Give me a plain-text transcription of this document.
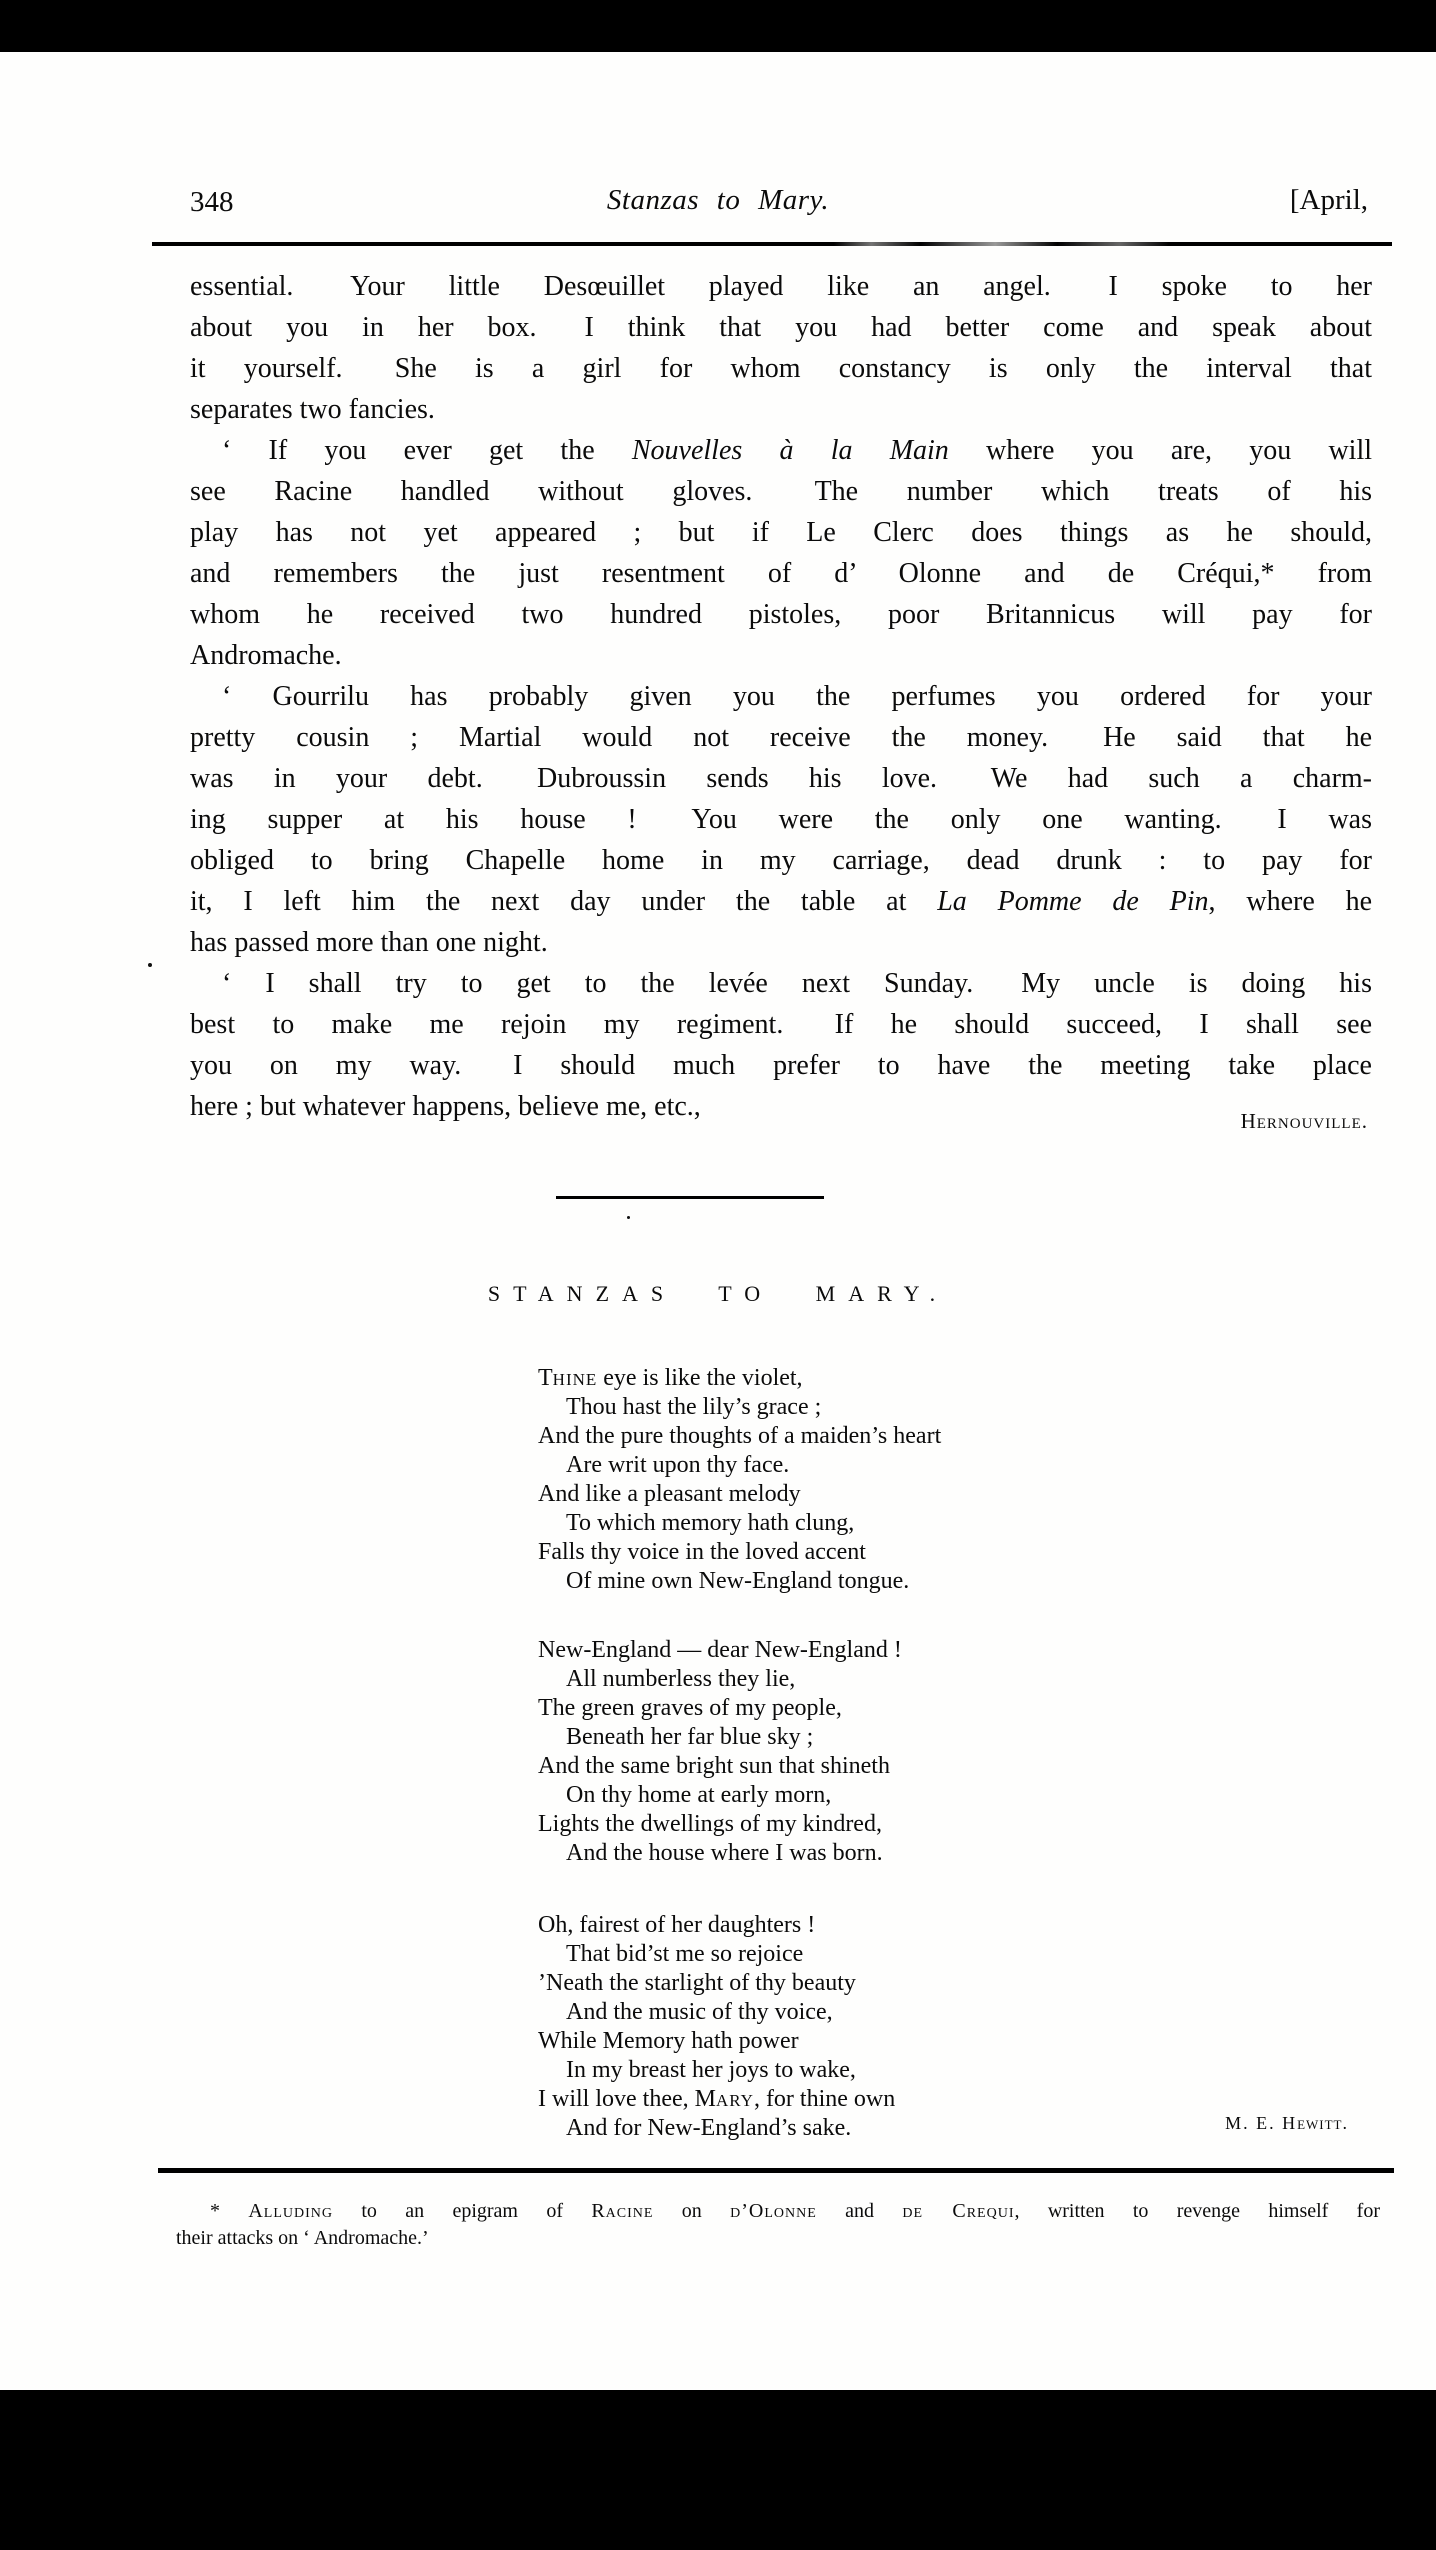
348	Stanzas to Mary.	[April,
essential.  Your little Desœuillet played like an angel.  I spoke to her
about you in her box.  I think that you had better come and speak about
it yourself.  She is a girl for whom constancy is only the interval that
separates two fancies.
‘ If you ever get the Nouvelles à la Main where you are, you will
see Racine handled without gloves.  The number which treats of his
play has not yet appeared ; but if Le Clerc does things as he should,
and remembers the just resentment of d’ Olonne and de Créqui,* from
whom he received two hundred pistoles, poor Britannicus will pay for
Andromache.
‘ Gourrilu has probably given you the perfumes you ordered for your
pretty cousin ; Martial would not receive the money.  He said that he
was in your debt.  Dubroussin sends his love.  We had such a charm-
ing supper at his house !  You were the only one wanting.  I was
obliged to bring Chapelle home in my carriage, dead drunk : to pay for
it, I left him the next day under the table at La Pomme de Pin, where he
has passed more than one night.
‘ I shall try to get to the levée next Sunday.  My uncle is doing his
best to make me rejoin my regiment.  If he should succeed, I shall see
you on my way.  I should much prefer to have the meeting take place
here ; but whatever happens, believe me, etc.,	Hernouville.
STANZAS TO MARY.
Thine eye is like the violet,
Thou hast the lily’s grace ;
And the pure thoughts of a maiden’s heart
Are writ upon thy face.
And like a pleasant melody
To which memory hath clung,
Falls thy voice in the loved accent
Of mine own New-England tongue.
New-England — dear New-England !
All numberless they lie,
The green graves of my people,
Beneath her far blue sky ;
And the same bright sun that shineth
On thy home at early morn,
Lights the dwellings of my kindred,
And the house where I was born.
Oh, fairest of her daughters !
That bid’st me so rejoice
’Neath the starlight of thy beauty
And the music of thy voice,
While Memory hath power
In my breast her joys to wake,
I will love thee, Mary, for thine own
And for New-England’s sake.	M. E. Hewitt.
* Alluding to an epigram of Racine on d’Olonne and de Crequi, written to revenge himself for
their attacks on ‘ Andromache.’
